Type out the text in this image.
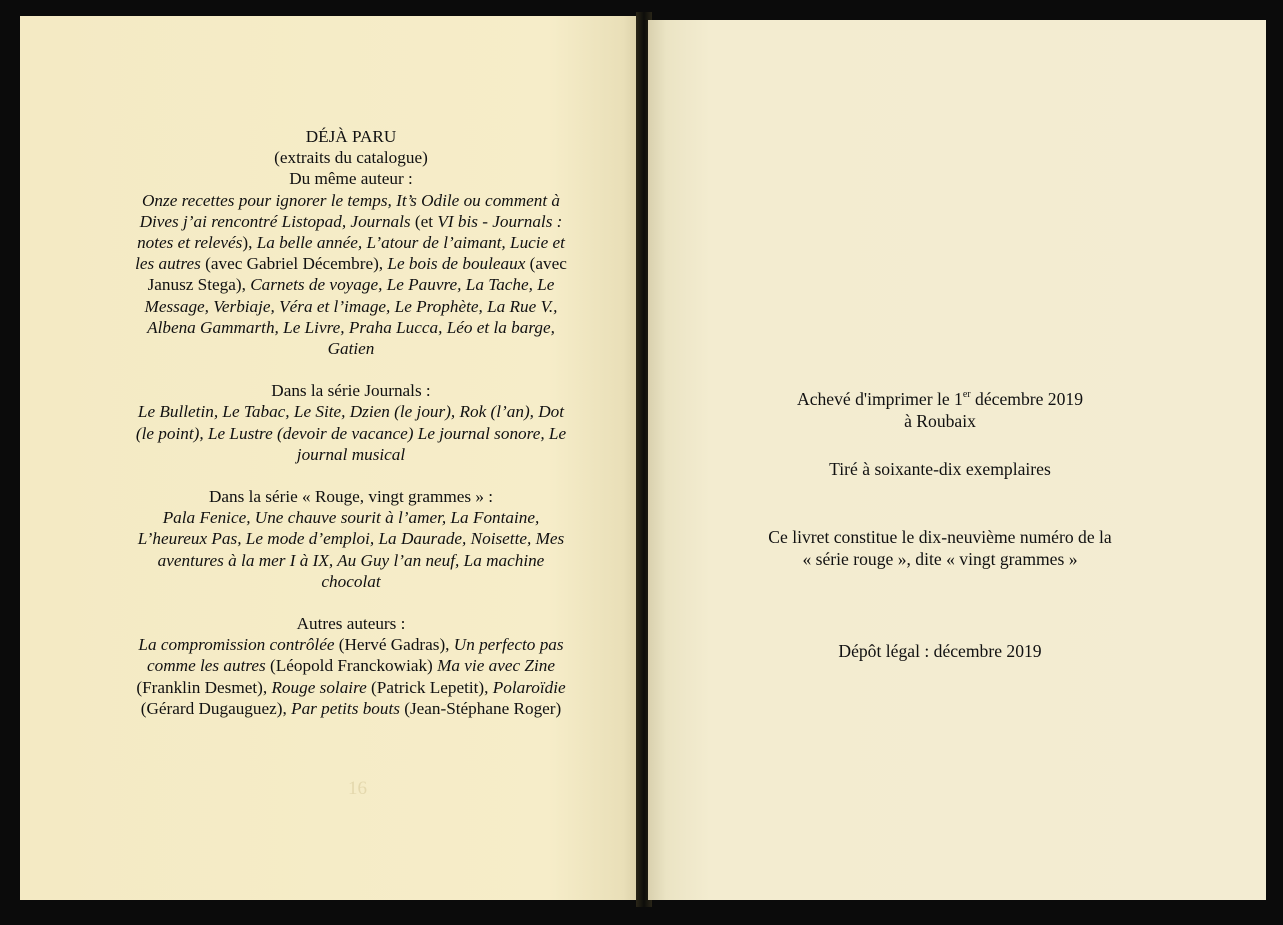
16

DÉJÀ PARU

(extraits du catalogue)

Du même auteur :

Onze recettes pour ignorer le temps, It’s Odile ou comment à Dives j’ai rencontré Listopad, Journals (et VI bis - Journals : notes et relevés), La belle année, L’atour de l’aimant, Lucie et les autres (avec Gabriel Décembre), Le bois de bouleaux (avec Janusz Stega), Carnets de voyage, Le Pauvre, La Tache, Le Message, Verbiaje, Véra et l’image, Le Prophète, La Rue V., Albena Gammarth, Le Livre, Praha Lucca, Léo et la barge, Gatien

Dans la série Journals :

Le Bulletin, Le Tabac, Le Site, Dzien (le jour), Rok (l’an), Dot (le point), Le Lustre (devoir de vacance) Le journal sonore, Le journal musical

Dans la série « Rouge, vingt grammes » :

Pala Fenice, Une chauve sourit à l’amer, La Fontaine, L’heureux Pas, Le mode d’emploi, La Daurade, Noisette, Mes aventures à la mer I à IX, Au Guy l’an neuf, La machine chocolat

Autres auteurs :

La compromission contrôlée (Hervé Gadras), Un perfecto pas comme les autres (Léopold Franckowiak) Ma vie avec Zine (Franklin Desmet), Rouge solaire (Patrick Lepetit), Polaroïdie (Gérard Dugauguez), Par petits bouts (Jean-Stéphane Roger)

Achevé d'imprimer le 1er décembre 2019

à Roubaix

Tiré à soixante-dix exemplaires

Ce livret constitue le dix-neuvième numéro de la

« série rouge », dite « vingt grammes »

Dépôt légal : décembre 2019
